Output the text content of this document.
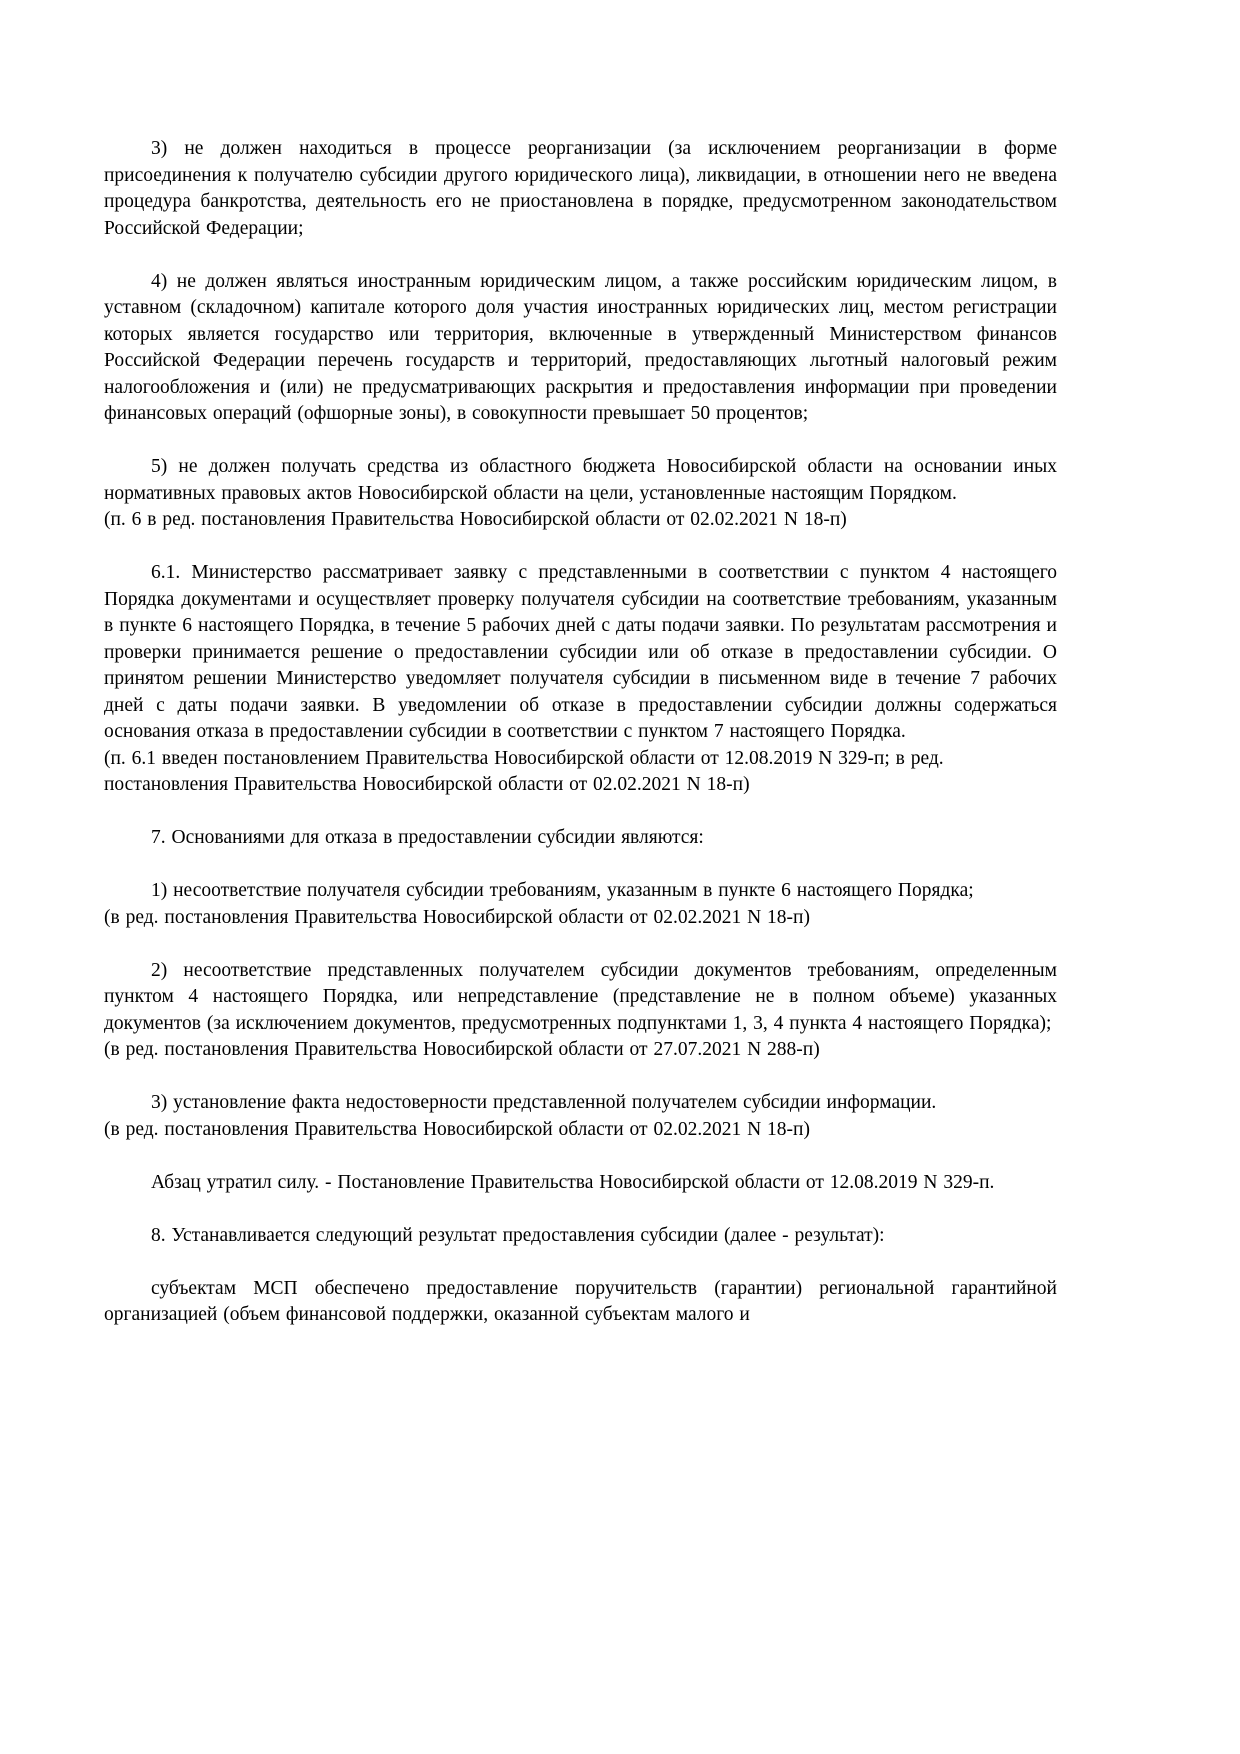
3) не должен находиться в процессе реорганизации (за исключением реорганизации в форме присоединения к получателю субсидии другого юридического лица), ликвидации, в отношении него не введена процедура банкротства, деятельность его не приостановлена в порядке, предусмотренном законодательством Российской Федерации;

4) не должен являться иностранным юридическим лицом, а также российским юридическим лицом, в уставном (складочном) капитале которого доля участия иностранных юридических лиц, местом регистрации которых является государство или территория, включенные в утвержденный Министерством финансов Российской Федерации перечень государств и территорий, предоставляющих льготный налоговый режим налогообложения и (или) не предусматривающих раскрытия и предоставления информации при проведении финансовых операций (офшорные зоны), в совокупности превышает 50 процентов;

5) не должен получать средства из областного бюджета Новосибирской области на основании иных нормативных правовых актов Новосибирской области на цели, установленные настоящим Порядком.

(п. 6 в ред. постановления Правительства Новосибирской области от 02.02.2021 N 18-п)

6.1. Министерство рассматривает заявку с представленными в соответствии с пунктом 4 настоящего Порядка документами и осуществляет проверку получателя субсидии на соответствие требованиям, указанным в пункте 6 настоящего Порядка, в течение 5 рабочих дней с даты подачи заявки. По результатам рассмотрения и проверки принимается решение о предоставлении субсидии или об отказе в предоставлении субсидии. О принятом решении Министерство уведомляет получателя субсидии в письменном виде в течение 7 рабочих дней с даты подачи заявки. В уведомлении об отказе в предоставлении субсидии должны содержаться основания отказа в предоставлении субсидии в соответствии с пунктом 7 настоящего Порядка.

(п. 6.1 введен постановлением Правительства Новосибирской области от 12.08.2019 N 329-п; в ред. постановления Правительства Новосибирской области от 02.02.2021 N 18-п)

7. Основаниями для отказа в предоставлении субсидии являются:

1) несоответствие получателя субсидии требованиям, указанным в пункте 6 настоящего Порядка;

(в ред. постановления Правительства Новосибирской области от 02.02.2021 N 18-п)

2) несоответствие представленных получателем субсидии документов требованиям, определенным пунктом 4 настоящего Порядка, или непредставление (представление не в полном объеме) указанных документов (за исключением документов, предусмотренных подпунктами 1, 3, 4 пункта 4 настоящего Порядка);

(в ред. постановления Правительства Новосибирской области от 27.07.2021 N 288-п)

3) установление факта недостоверности представленной получателем субсидии информации.

(в ред. постановления Правительства Новосибирской области от 02.02.2021 N 18-п)

Абзац утратил силу. - Постановление Правительства Новосибирской области от 12.08.2019 N 329-п.

8. Устанавливается следующий результат предоставления субсидии (далее - результат):

субъектам МСП обеспечено предоставление поручительств (гарантии) региональной гарантийной организацией (объем финансовой поддержки, оказанной субъектам малого и
